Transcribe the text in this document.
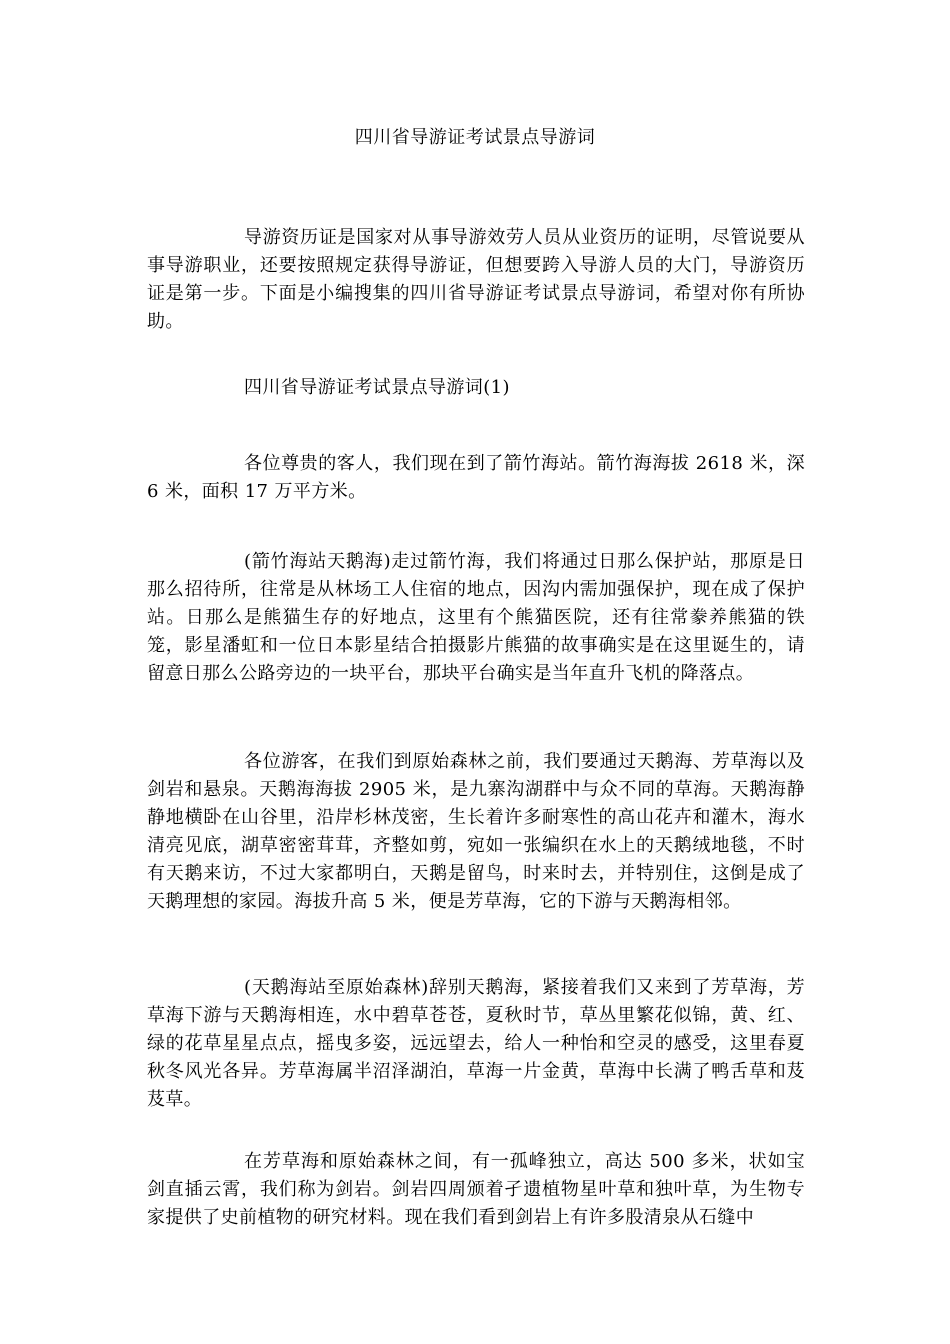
四川省导游证考试景点导游词

导游资历证是国家对从事导游效劳人员从业资历的证明，尽管说要从事导游职业，还要按照规定获得导游证，但想要跨入导游人员的大门，导游资历证是第一步。下面是小编搜集的四川省导游证考试景点导游词，希望对你有所协助。

四川省导游证考试景点导游词(1)

各位尊贵的客人，我们现在到了箭竹海站。箭竹海海拔 2618 米，深 6 米，面积 17 万平方米。

(箭竹海站天鹅海)走过箭竹海，我们将通过日那么保护站，那原是日那么招待所，往常是从林场工人住宿的地点，因沟内需加强保护，现在成了保护站。日那么是熊猫生存的好地点，这里有个熊猫医院，还有往常豢养熊猫的铁笼，影星潘虹和一位日本影星结合拍摄影片熊猫的故事确实是在这里诞生的，请留意日那么公路旁边的一块平台，那块平台确实是当年直升飞机的降落点。

各位游客，在我们到原始森林之前，我们要通过天鹅海、芳草海以及剑岩和悬泉。天鹅海海拔 2905 米，是九寨沟湖群中与众不同的草海。天鹅海静静地横卧在山谷里，沿岸杉林茂密，生长着许多耐寒性的高山花卉和灌木，海水清亮见底，湖草密密茸茸，齐整如剪，宛如一张编织在水上的天鹅绒地毯，不时有天鹅来访，不过大家都明白，天鹅是留鸟，时来时去，并特别住，这倒是成了天鹅理想的家园。海拔升高 5 米，便是芳草海，它的下游与天鹅海相邻。

(天鹅海站至原始森林)辞别天鹅海，紧接着我们又来到了芳草海，芳草海下游与天鹅海相连，水中碧草苍苍，夏秋时节，草丛里繁花似锦，黄、红、绿的花草星星点点，摇曳多姿，远远望去，给人一种怡和空灵的感受，这里春夏秋冬风光各异。芳草海属半沼泽湖泊，草海一片金黄，草海中长满了鸭舌草和芨芨草。

在芳草海和原始森林之间，有一孤峰独立，高达 500 多米，状如宝剑直插云霄，我们称为剑岩。剑岩四周颁着孑遗植物星叶草和独叶草，为生物专家提供了史前植物的研究材料。现在我们看到剑岩上有许多股清泉从石缝中
